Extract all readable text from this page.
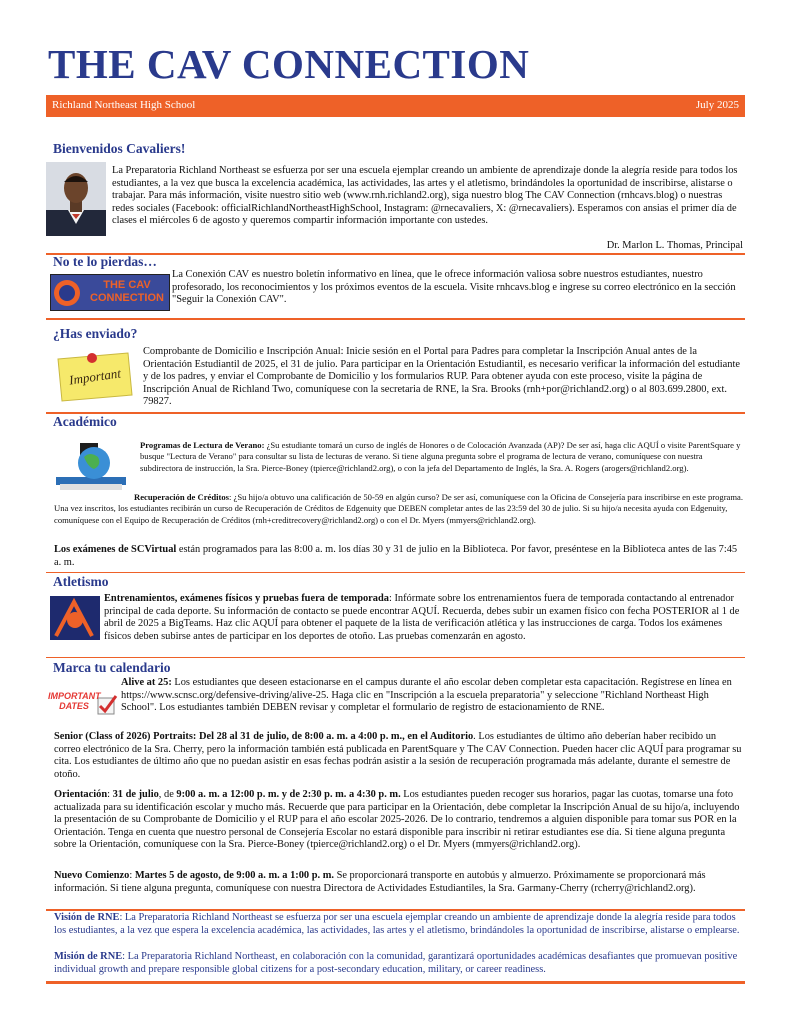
THE CAV CONNECTION
Richland Northeast High School	July 2025
Bienvenidos Cavaliers!
La Preparatoria Richland Northeast se esfuerza por ser una escuela ejemplar creando un ambiente de aprendizaje donde la alegría reside para todos los estudiantes, a la vez que busca la excelencia académica, las actividades, las artes y el atletismo, brindándoles la oportunidad de inscribirse, alistarse o trabajar. Para más información, visite nuestro sitio web (www.rnh.richland2.org), siga nuestro blog The CAV Connection (rnhcavs.blog) o nuestras redes sociales (Facebook: officialRichlandNortheastHighSchool, Instagram: @rnecavaliers, X: @rnecavaliers). Esperamos con ansias el primer día de clases el miércoles 6 de agosto y queremos compartir información importante con ustedes.
Dr. Marlon L. Thomas, Principal
No te lo pierdas…
THE CAV CONNECTION
La Conexión CAV es nuestro boletín informativo en línea, que le ofrece información valiosa sobre nuestros estudiantes, nuestro profesorado, los reconocimientos y los próximos eventos de la escuela. Visite rnhcavs.blog e ingrese su correo electrónico en la sección "Seguir la Conexión CAV".
¿Has enviado?
Important
Comprobante de Domicilio e Inscripción Anual: Inicie sesión en el Portal para Padres para completar la Inscripción Anual antes de la Orientación Estudiantil de 2025, el 31 de julio. Para participar en la Orientación Estudiantil, es necesario verificar la información del estudiante y de los padres, y enviar el Comprobante de Domicilio y los formularios RUP. Para obtener ayuda con este proceso, visite la página de Inscripción Anual de Richland Two, comuníquese con la secretaria de RNE, la Sra. Brooks (rnh+por@richland2.org) o al 803.699.2800, ext. 79827.
Académico
Programas de Lectura de Verano: ¿Su estudiante tomará un curso de inglés de Honores o de Colocación Avanzada (AP)? De ser así, haga clic AQUÍ o visite ParentSquare y busque "Lectura de Verano" para consultar su lista de lecturas de verano. Si tiene alguna pregunta sobre el programa de lectura de verano, comuníquese con nuestra subdirectora de instrucción, la Sra. Pierce-Boney (tpierce@richland2.org), o con la jefa del Departamento de Inglés, la Sra. A. Rogers (arogers@richland2.org).
Recuperación de Créditos: ¿Su hijo/a obtuvo una calificación de 50-59 en algún curso? De ser así, comuníquese con la Oficina de Consejería para inscribirse en este programa. Una vez inscritos, los estudiantes recibirán un curso de Recuperación de Créditos de Edgenuity que DEBEN completar antes de las 23:59 del 30 de julio. Si su hijo/a necesita ayuda con Edgenuity, comuníquese con el Equipo de Recuperación de Créditos (rnh+creditrecovery@richland2.org) o con el Dr. Myers (mmyers@richland2.org).
Los exámenes de SCVirtual están programados para las 8:00 a. m. los días 30 y 31 de julio en la Biblioteca. Por favor, preséntese en la Biblioteca antes de las 7:45 a. m.
Atletismo
Entrenamientos, exámenes físicos y pruebas fuera de temporada: Infórmate sobre los entrenamientos fuera de temporada contactando al entrenador principal de cada deporte. Su información de contacto se puede encontrar AQUÍ. Recuerda, debes subir un examen físico con fecha POSTERIOR al 1 de abril de 2025 a BigTeams. Haz clic AQUÍ para obtener el paquete de la lista de verificación atlética y las instrucciones de carga. Todos los exámenes físicos deben subirse antes de participar en los deportes de otoño. Las pruebas comenzarán en agosto.
Marca tu calendario
IMPORTANT DATES
Alive at 25: Los estudiantes que deseen estacionarse en el campus durante el año escolar deben completar esta capacitación. Regístrese en línea en https://www.scnsc.org/defensive-driving/alive-25. Haga clic en "Inscripción a la escuela preparatoria" y seleccione "Richland Northeast High School". Los estudiantes también DEBEN revisar y completar el formulario de registro de estacionamiento de RNE.
Senior (Class of 2026) Portraits: Del 28 al 31 de julio, de 8:00 a. m. a 4:00 p. m., en el Auditorio. Los estudiantes de último año deberían haber recibido un correo electrónico de la Sra. Cherry, pero la información también está publicada en ParentSquare y The CAV Connection. Pueden hacer clic AQUÍ para programar su cita. Los estudiantes de último año que no puedan asistir en esas fechas podrán asistir a la sesión de recuperación programada más adelante, durante el semestre de otoño.
Orientación: 31 de julio, de 9:00 a. m. a 12:00 p. m. y de 2:30 p. m. a 4:30 p. m. Los estudiantes pueden recoger sus horarios, pagar las cuotas, tomarse una foto actualizada para su identificación escolar y mucho más. Recuerde que para participar en la Orientación, debe completar la Inscripción Anual de su hijo/a, incluyendo la presentación de su Comprobante de Domicilio y el RUP para el año escolar 2025-2026. De lo contrario, tendremos a alguien disponible para tomar sus POR en la Orientación. Tenga en cuenta que nuestro personal de Consejería Escolar no estará disponible para inscribir ni retirar estudiantes ese día. Si tiene alguna pregunta sobre la Orientación, comuníquese con la Sra. Pierce-Boney (tpierce@richland2.org) o el Dr. Myers (mmyers@richland2.org).
Nuevo Comienzo: Martes 5 de agosto, de 9:00 a. m. a 1:00 p. m. Se proporcionará transporte en autobús y almuerzo. Próximamente se proporcionará más información. Si tiene alguna pregunta, comuníquese con nuestra Directora de Actividades Estudiantiles, la Sra. Garmany-Cherry (rcherry@richland2.org).
Visión de RNE: La Preparatoria Richland Northeast se esfuerza por ser una escuela ejemplar creando un ambiente de aprendizaje donde la alegría reside para todos los estudiantes, a la vez que espera la excelencia académica, las actividades, las artes y el atletismo, brindándoles la oportunidad de inscribirse, alistarse o emplearse.
Misión de RNE: La Preparatoria Richland Northeast, en colaboración con la comunidad, garantizará oportunidades académicas desafiantes que promuevan positive individual growth and prepare responsible global citizens for a post-secondary education, military, or career readiness.
